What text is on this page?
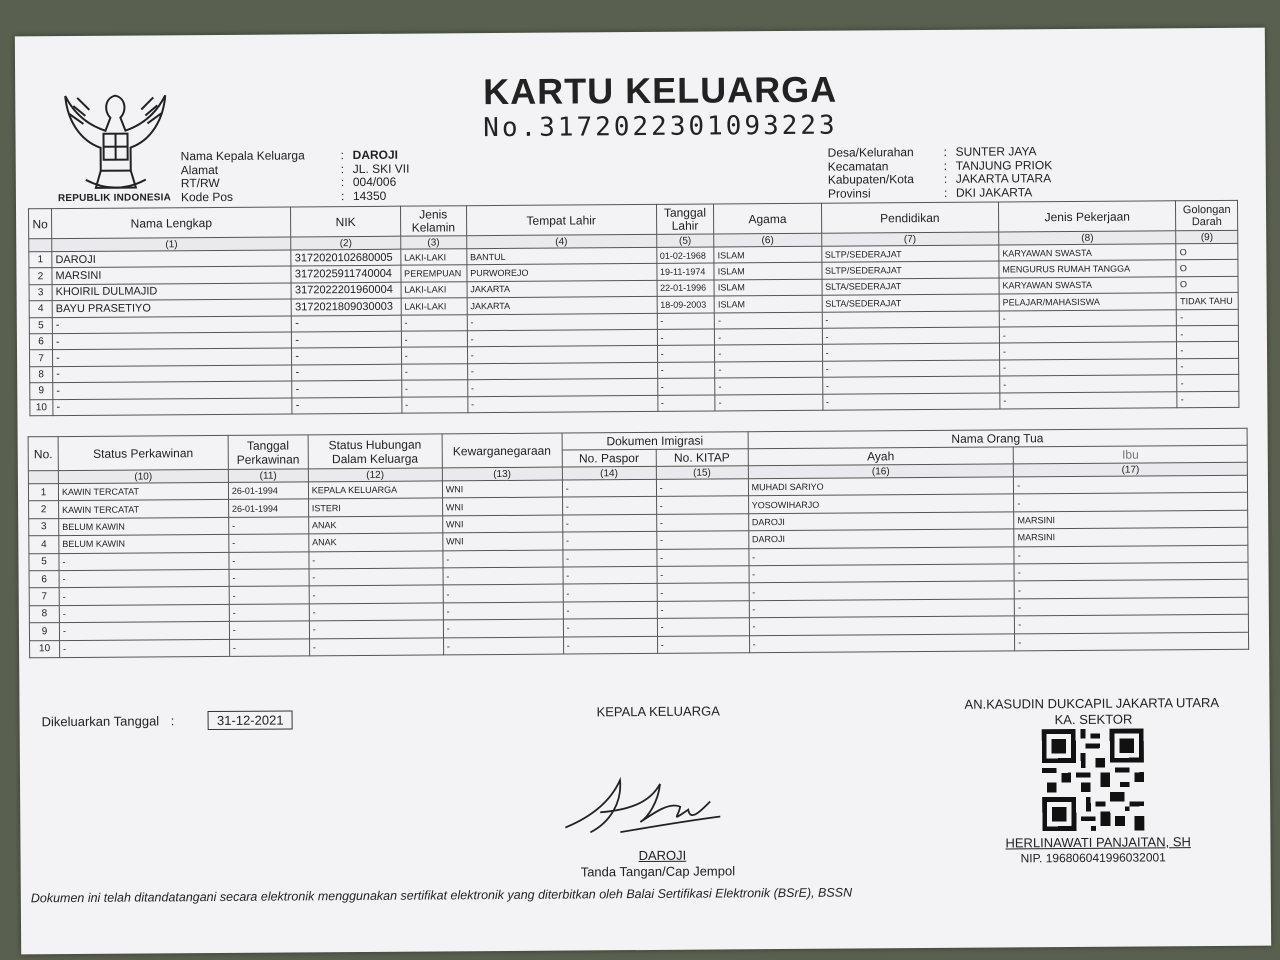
REPUBLIK INDONESIA
KARTU KELUARGA
No.3172022301093223
Nama Kepala Keluarga	: DAROJI
Alamat	: JL. SKI VII
RT/RW	: 004/006
Kode Pos	: 14350
Desa/Kelurahan : SUNTER JAYA
Kecamatan	: TANJUNG PRIOK
Kabupaten/Kota : JAKARTA UTARA
Provinsi	: DKI JAKARTA
No	Nama Lengkap	NIK	Jenis Kelamin	Tempat Lahir	Tanggal Lahir	Agama	Pendidikan	Jenis Pekerjaan	Golongan Darah
	(1)	(2)	(3)	(4)	(5)	(6)	(7)	(8)	(9)
1	DAROJI	3172020102680005	LAKI-LAKI	BANTUL	01-02-1968	ISLAM	SLTP/SEDERAJAT	KARYAWAN SWASTA	O
2	MARSINI	3172025911740004	PEREMPUAN	PURWOREJO	19-11-1974	ISLAM	SLTP/SEDERAJAT	MENGURUS RUMAH TANGGA	O
3	KHOIRIL DULMAJID	3172022201960004	LAKI-LAKI	JAKARTA	22-01-1996	ISLAM	SLTA/SEDERAJAT	KARYAWAN SWASTA	O
4	BAYU PRASETIYO	3172021809030003	LAKI-LAKI	JAKARTA	18-09-2003	ISLAM	SLTA/SEDERAJAT	PELAJAR/MAHASISWA	TIDAK TAHU
5	-	-	-	-	-	-	-	-	-
6	-	-	-	-	-	-	-	-	-
7	-	-	-	-	-	-	-	-	-
8	-	-	-	-	-	-	-	-	-
9	-	-	-	-	-	-	-	-	-
10	-	-	-	-	-	-	-	-	-
No.	Status Perkawinan	Tanggal Perkawinan	Status Hubungan Dalam Keluarga	Kewarganegaraan	Dokumen Imigrasi		Nama Orang Tua	
					No. Paspor	No. KITAP	Ayah	Ibu
	(10)	(11)	(12)	(13)	(14)	(15)	(16)	(17)
1	KAWIN TERCATAT	26-01-1994	KEPALA KELUARGA	WNI	-	-	MUHADI SARIYO	-
2	KAWIN TERCATAT	26-01-1994	ISTERI	WNI	-	-	YOSOWIHARJO	-
3	BELUM KAWIN	-	ANAK	WNI	-	-	DAROJI	MARSINI
4	BELUM KAWIN	-	ANAK	WNI	-	-	DAROJI	MARSINI
5	-	-	-	-	-	-	-	-
6	-	-	-	-	-	-	-	-
7	-	-	-	-	-	-	-	-
8	-	-	-	-	-	-	-	-
9	-	-	-	-	-	-	-	-
10	-	-	-	-	-	-	-	-
Dikeluarkan Tanggal :	31-12-2021
KEPALA KELUARGA
DAROJI
Tanda Tangan/Cap Jempol
AN.KASUDIN DUKCAPIL JAKARTA UTARA
KA. SEKTOR
HERLINAWATI PANJAITAN, SH
NIP. 196806041996032001
Dokumen ini telah ditandatangani secara elektronik menggunakan sertifikat elektronik yang diterbitkan oleh Balai Sertifikasi Elektronik (BSrE), BSSN
